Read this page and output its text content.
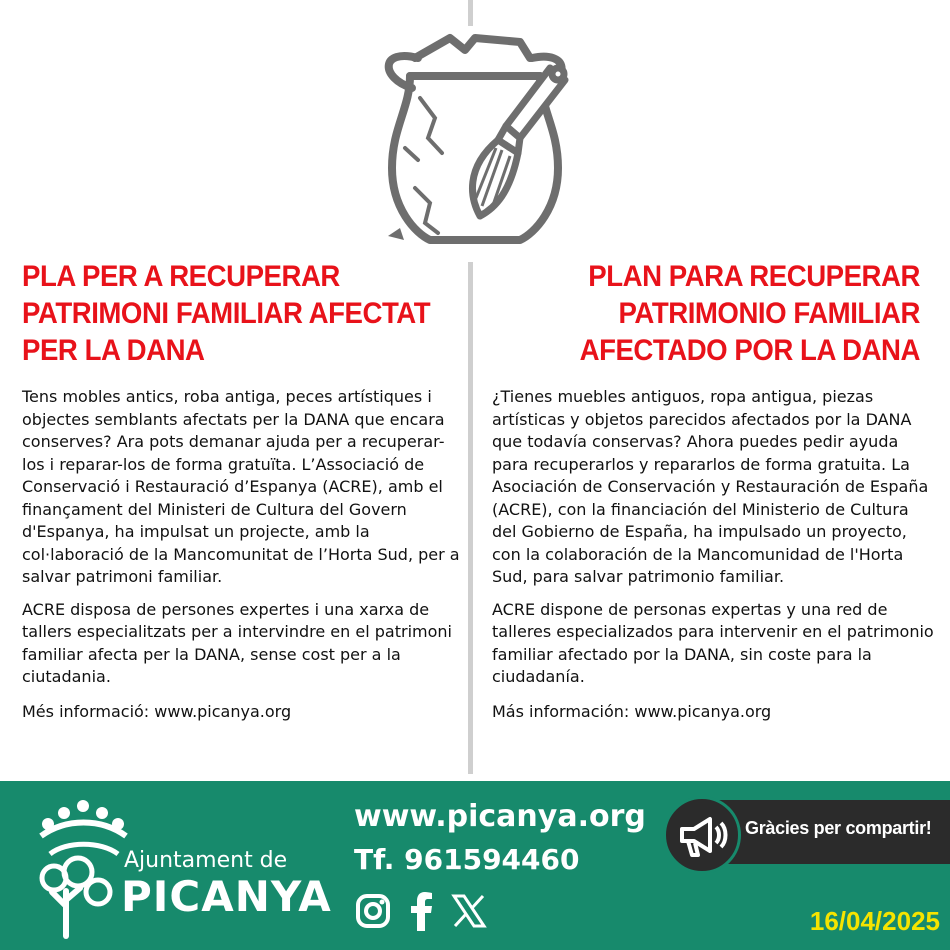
PLA PER A RECUPERAR
PATRIMONI FAMILIAR AFECTAT
PER LA DANA
PLAN PARA RECUPERAR
PATRIMONIO FAMILIAR
AFECTADO POR LA DANA

Tens mobles antics, roba antiga, peces artístiques i objectes semblants afectats per la DANA que encara conserves? Ara pots demanar ajuda per a recuperar-los i reparar-los de forma gratuïta. L’Associació de Conservació i Restauració d’Espanya (ACRE), amb el finançament del Ministeri de Cultura del Govern d'Espanya, ha impulsat un projecte, amb la col·laboració de la Mancomunitat de l’Horta Sud, per a salvar patrimoni familiar.

ACRE disposa de persones expertes i una xarxa de tallers especialitzats per a intervindre en el patrimoni familiar afecta per la DANA, sense cost per a la ciutadania.

Més informació: www.picanya.org

¿Tienes muebles antiguos, ropa antigua, piezas artísticas y objetos parecidos afectados por la DANA que todavía conservas? Ahora puedes pedir ayuda para recuperarlos y repararlos de forma gratuita. La Asociación de Conservación y Restauración de España (ACRE), con la financiación del Ministerio de Cultura del Gobierno de España, ha impulsado un proyecto, con la colaboración de la Mancomunidad de l'Horta Sud, para salvar patrimonio familiar.

ACRE dispone de personas expertas y una red de talleres especializados para intervenir en el patrimonio familiar afectado por la DANA, sin coste para la ciudadanía.

Más información: www.picanya.org

Ajuntament de
PICANYA
www.picanya.org
Tf. 961594460
Gràcies per compartir!
16/04/2025
